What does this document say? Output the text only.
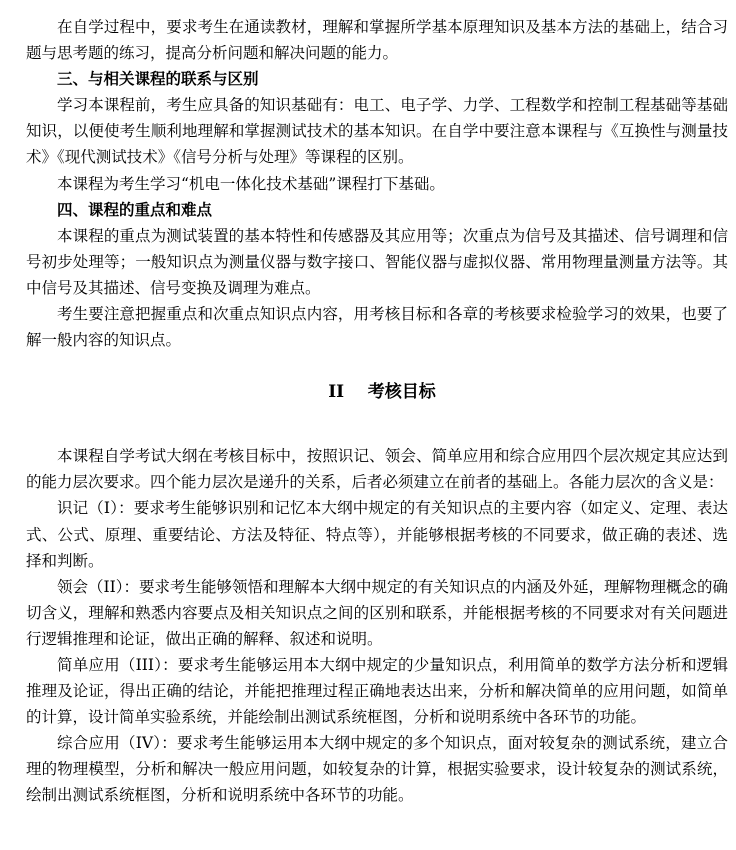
在自学过程中，要求考生在通读教材，理解和掌握所学基本原理知识及基本方法的基础上，结合习题与思考题的练习，提高分析问题和解决问题的能力。

三、与相关课程的联系与区别

学习本课程前，考生应具备的知识基础有：电工、电子学、力学、工程数学和控制工程基础等基础知识，以便使考生顺利地理解和掌握测试技术的基本知识。在自学中要注意本课程与《互换性与测量技术》《现代测试技术》《信号分析与处理》等课程的区别。

本课程为考生学习“机电一体化技术基础”课程打下基础。

四、课程的重点和难点

本课程的重点为测试装置的基本特性和传感器及其应用等；次重点为信号及其描述、信号调理和信号初步处理等；一般知识点为测量仪器与数字接口、智能仪器与虚拟仪器、常用物理量测量方法等。其中信号及其描述、信号变换及调理为难点。

考生要注意把握重点和次重点知识点内容，用考核目标和各章的考核要求检验学习的效果，也要了解一般内容的知识点。

II    考核目标

本课程自学考试大纲在考核目标中，按照识记、领会、简单应用和综合应用四个层次规定其应达到的能力层次要求。四个能力层次是递升的关系，后者必须建立在前者的基础上。各能力层次的含义是：

识记（I）：要求考生能够识别和记忆本大纲中规定的有关知识点的主要内容（如定义、定理、表达式、公式、原理、重要结论、方法及特征、特点等），并能够根据考核的不同要求，做正确的表述、选择和判断。

领会（II）：要求考生能够领悟和理解本大纲中规定的有关知识点的内涵及外延，理解物理概念的确切含义，理解和熟悉内容要点及相关知识点之间的区别和联系，并能根据考核的不同要求对有关问题进行逻辑推理和论证，做出正确的解释、叙述和说明。

简单应用（III）：要求考生能够运用本大纲中规定的少量知识点，利用简单的数学方法分析和逻辑推理及论证，得出正确的结论，并能把推理过程正确地表达出来，分析和解决简单的应用问题，如简单的计算，设计简单实验系统，并能绘制出测试系统框图，分析和说明系统中各环节的功能。

综合应用（IV）：要求考生能够运用本大纲中规定的多个知识点，面对较复杂的测试系统，建立合理的物理模型，分析和解决一般应用问题，如较复杂的计算，根据实验要求，设计较复杂的测试系统，绘制出测试系统框图，分析和说明系统中各环节的功能。
